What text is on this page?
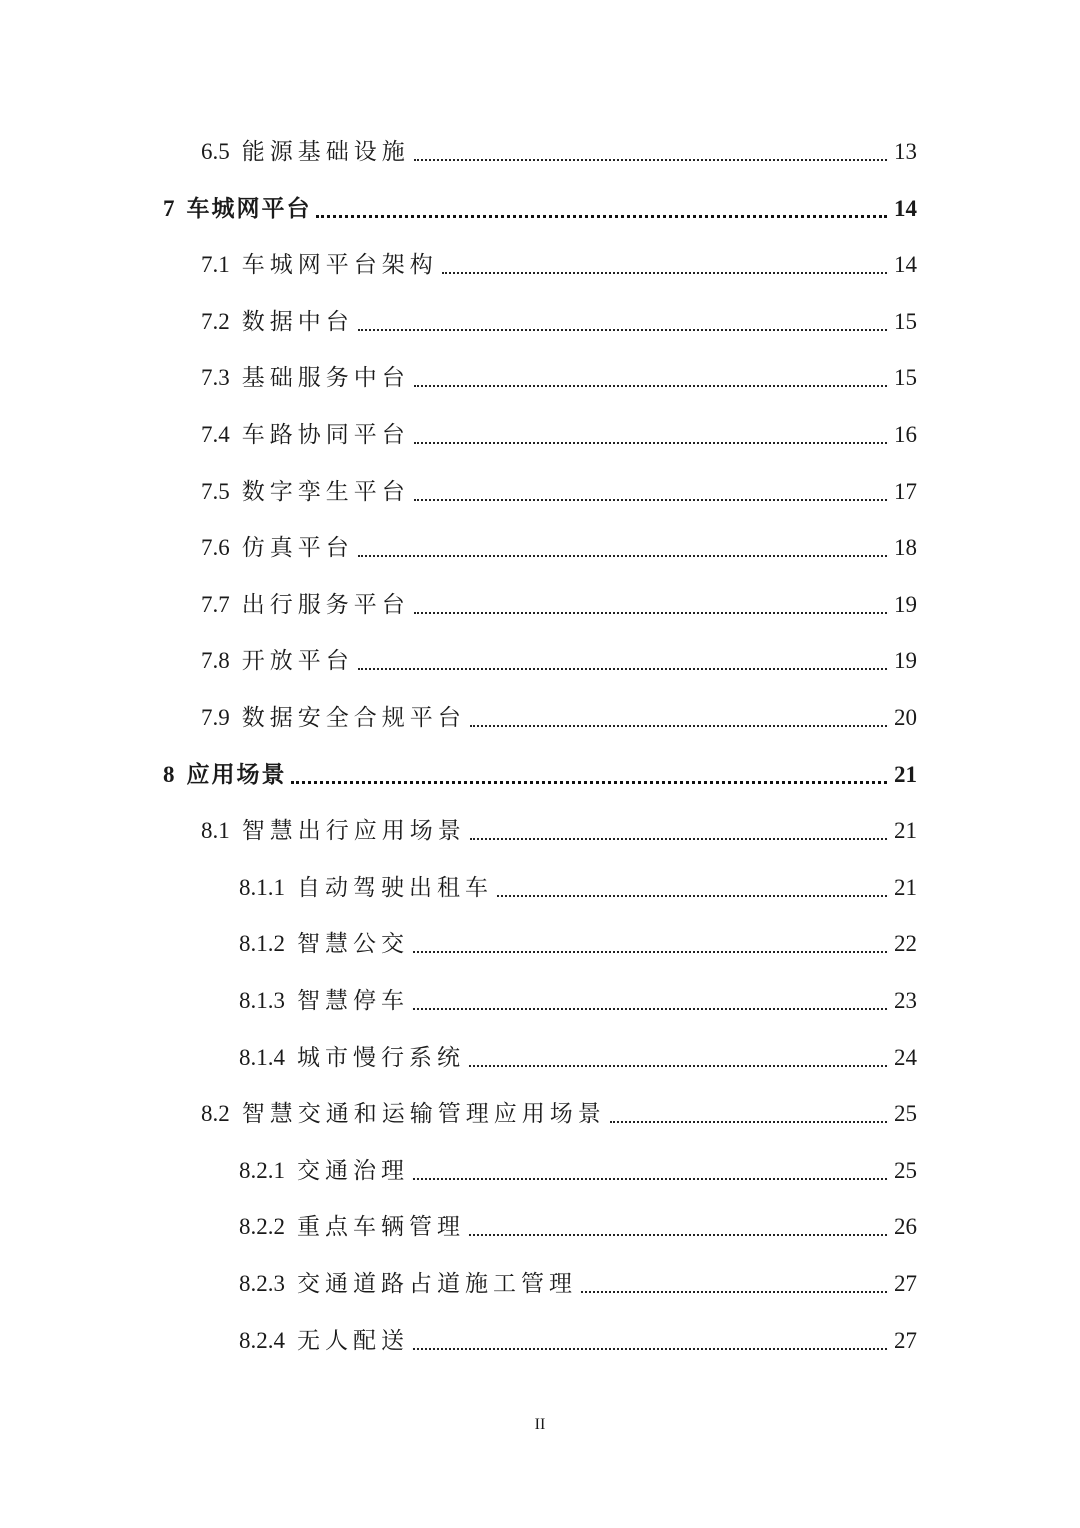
6.5 能源基础设施	13
7 车城网平台	14
7.1 车城网平台架构	14
7.2 数据中台	15
7.3 基础服务中台	15
7.4 车路协同平台	16
7.5 数字孪生平台	17
7.6 仿真平台	18
7.7 出行服务平台	19
7.8 开放平台	19
7.9 数据安全合规平台	20
8 应用场景	21
8.1 智慧出行应用场景	21
8.1.1 自动驾驶出租车	21
8.1.2 智慧公交	22
8.1.3 智慧停车	23
8.1.4 城市慢行系统	24
8.2 智慧交通和运输管理应用场景	25
8.2.1 交通治理	25
8.2.2 重点车辆管理	26
8.2.3 交通道路占道施工管理	27
8.2.4 无人配送	27
II
